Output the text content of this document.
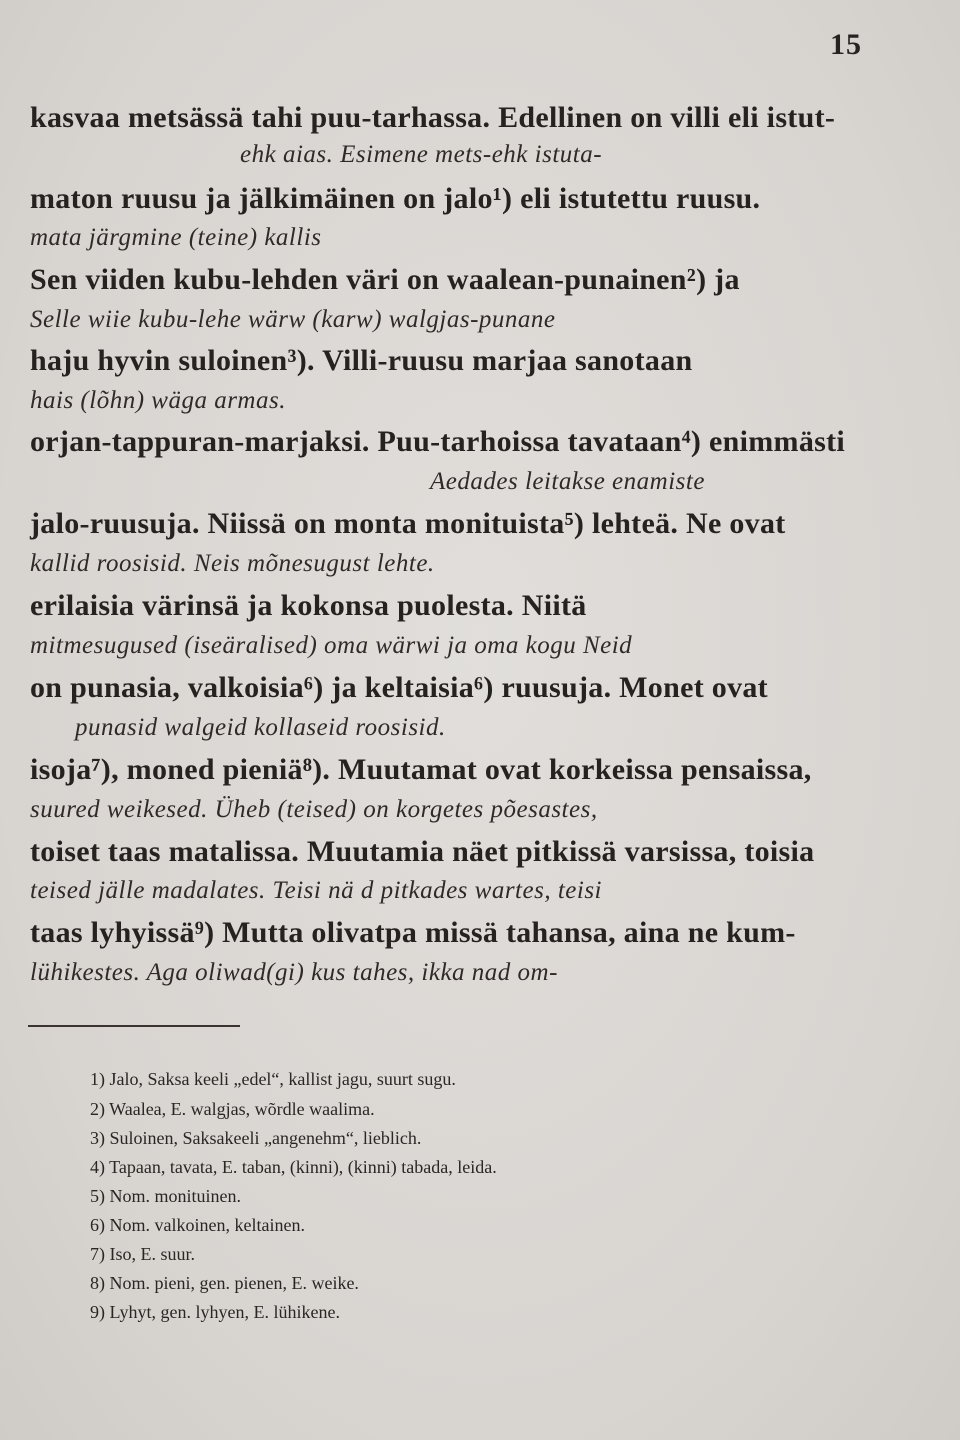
15
kasvaa metsässä tahi puu-tarhassa. Edellinen on villi eli istut-
ehk aias. Esimene mets-ehk istuta-
maton ruusu ja jälkimäinen on jalo¹) eli istutettu ruusu.
mata järgmine (teine) kallis
Sen viiden kubu-lehden väri on waalean-punainen²) ja
Selle wiie kubu-lehe wärw (karw) walgjas-punane
haju hyvin suloinen³). Villi-ruusu marjaa sanotaan
hais (lõhn) wäga armas.
orjan-tappuran-marjaksi. Puu-tarhoissa tavataan⁴) enimmästi
Aedades leitakse enamiste
jalo-ruusuja. Niissä on monta monituista⁵) lehteä. Ne ovat
kallid roosisid. Neis mõnesugust lehte.
erilaisia värinsä ja kokonsa puolesta. Niitä
mitmesugused (iseäralised) oma wärwi ja oma kogu Neid
on punasia, valkoisia⁶) ja keltaisia⁶) ruusuja. Monet ovat
punasid walgeid kollaseid roosisid.
isoja⁷), moned pieniä⁸). Muutamat ovat korkeissa pensaissa,
suured weikesed. Üheb (teised) on korgetes põesastes,
toiset taas matalissa. Muutamia näet pitkissä varsissa, toisia
teised jälle madalates. Teisi nä d pitkades wartes, teisi
taas lyhyissä⁹) Mutta olivatpa missä tahansa, aina ne kum-
lühikestes. Aga oliwad(gi) kus tahes, ikka nad om-
1) Jalo, Saksa keeli „edel“, kallist jagu, suurt sugu.
2) Waalea, E. walgjas, wõrdle waalima.
3) Suloinen, Saksakeeli „angenehm“, lieblich.
4) Tapaan, tavata, E. taban, (kinni), (kinni) tabada, leida.
5) Nom. monituinen.
6) Nom. valkoinen, keltainen.
7) Iso, E. suur.
8) Nom. pieni, gen. pienen, E. weike.
9) Lyhyt, gen. lyhyen, E. lühikene.
